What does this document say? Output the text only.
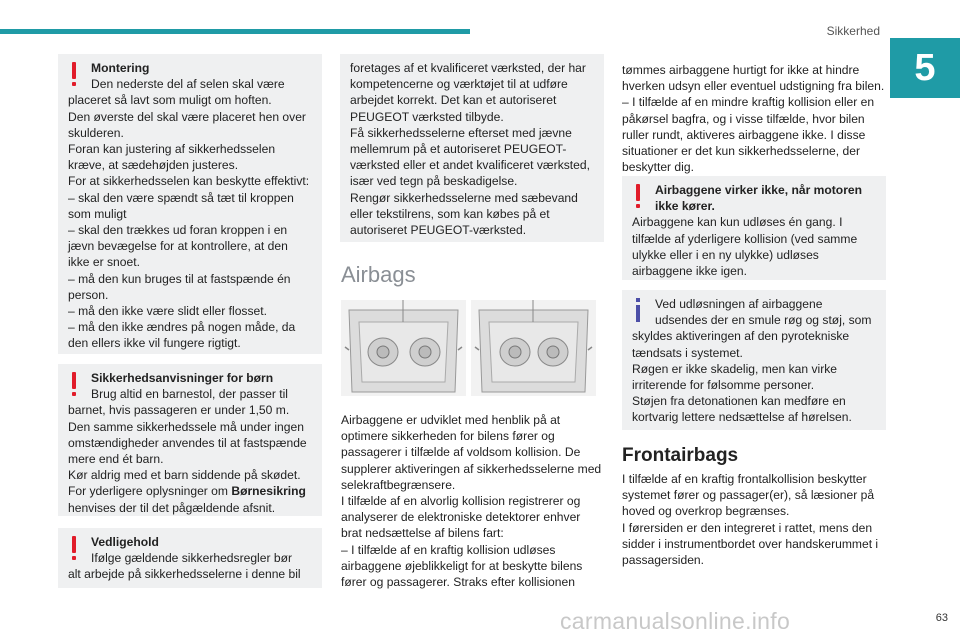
Sikkerhed
5
Montering
Den nederste del af selen skal være

placeret så lavt som muligt om hoften.

Den øverste del skal være placeret hen over skulderen.

Foran kan justering af sikkerhedsselen kræve, at sædehøjden justeres.

For at sikkerhedsselen kan beskytte effektivt:

– skal den være spændt så tæt til kroppen som muligt

– skal den trækkes ud foran kroppen i en jævn bevægelse for at kontrollere, at den ikke er snoet.

– må den kun bruges til at fastspænde én person.

– må den ikke være slidt eller flosset.

– må den ikke ændres på nogen måde, da den ellers ikke vil fungere rigtigt.

Sikkerhedsanvisninger for børn
Brug altid en barnestol, der passer til

barnet, hvis passageren er under 1,50 m.

Den samme sikkerhedssele må under ingen omstændigheder anvendes til at fastspænde mere end ét barn.

Kør aldrig med et barn siddende på skødet.

For yderligere oplysninger om Børnesikring henvises der til det pågældende afsnit.

Vedligehold
Ifølge gældende sikkerhedsregler bør

alt arbejde på sikkerhedsselerne i denne bil

foretages af et kvalificeret værksted, der har kompetencerne og værktøjet til at udføre arbejdet korrekt. Det kan et autoriseret PEUGEOT værksted tilbyde.

Få sikkerhedsselerne efterset med jævne mellemrum på et autoriseret PEUGEOT-værksted eller et andet kvalificeret værksted, især ved tegn på beskadigelse.

Rengør sikkerhedsselerne med sæbevand eller tekstilrens, som kan købes på et autoriseret PEUGEOT-værksted.

Airbags

Airbaggene er udviklet med henblik på at optimere sikkerheden for bilens fører og passagerer i tilfælde af voldsom kollision. De supplerer aktiveringen af sikkerhedsselerne med selekraftbegrænsere.

I tilfælde af en alvorlig kollision registrerer og analyserer de elektroniske detektorer enhver brat nedsættelse af bilens fart:

– I tilfælde af en kraftig kollision udløses airbaggene øjeblikkeligt for at beskytte bilens fører og passagerer. Straks efter kollisionen

tømmes airbaggene hurtigt for ikke at hindre hverken udsyn eller eventuel udstigning fra bilen.

– I tilfælde af en mindre kraftig kollision eller en påkørsel bagfra, og i visse tilfælde, hvor bilen ruller rundt, aktiveres airbaggene ikke. I disse situationer er det kun sikkerhedsselerne, der beskytter dig.

Airbaggene virker ikke, når motoren ikke kører.

Airbaggene kan kun udløses én gang. I tilfælde af yderligere kollision (ved samme ulykke eller i en ny ulykke) udløses airbaggene ikke igen.

Ved udløsningen af airbaggene udsendes der en smule røg og støj, som

skyldes aktiveringen af den pyrotekniske tændsats i systemet.

Røgen er ikke skadelig, men kan virke irriterende for følsomme personer.

Støjen fra detonationen kan medføre en kortvarig lettere nedsættelse af hørelsen.

Frontairbags

I tilfælde af en kraftig frontalkollision beskytter systemet fører og passager(er), så læsioner på hoved og overkrop begrænses.

I førersiden er den integreret i rattet, mens den sidder i instrumentbordet over handskerummet i passagersiden.

carmanualsonline.info	63
